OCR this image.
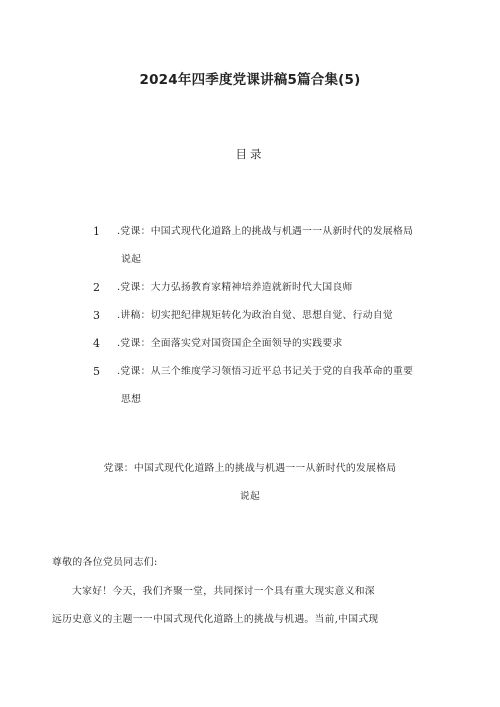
2024年四季度党课讲稿5篇合集(5)
目录
1	.党课：中国式现代化道路上的挑战与机遇一一从新时代的发展格局
说起
2	.党课：大力弘扬教育家精神培养造就新时代大国良师
3	.讲稿：切实把纪律规矩转化为政治自觉、思想自觉、行动自觉
4	.党课：全面落实党对国资国企全面领导的实践要求
5	.党课：从三个维度学习领悟习近平总书记关于党的自我革命的重要
思想
党课：中国式现代化道路上的挑战与机遇一一从新时代的发展格局
说起
尊敬的各位党员同志们:
大家好！今天，我们齐聚一堂，共同探讨一个具有重大现实意义和深
远历史意义的主题一一中国式现代化道路上的挑战与机遇。当前,中国式现
